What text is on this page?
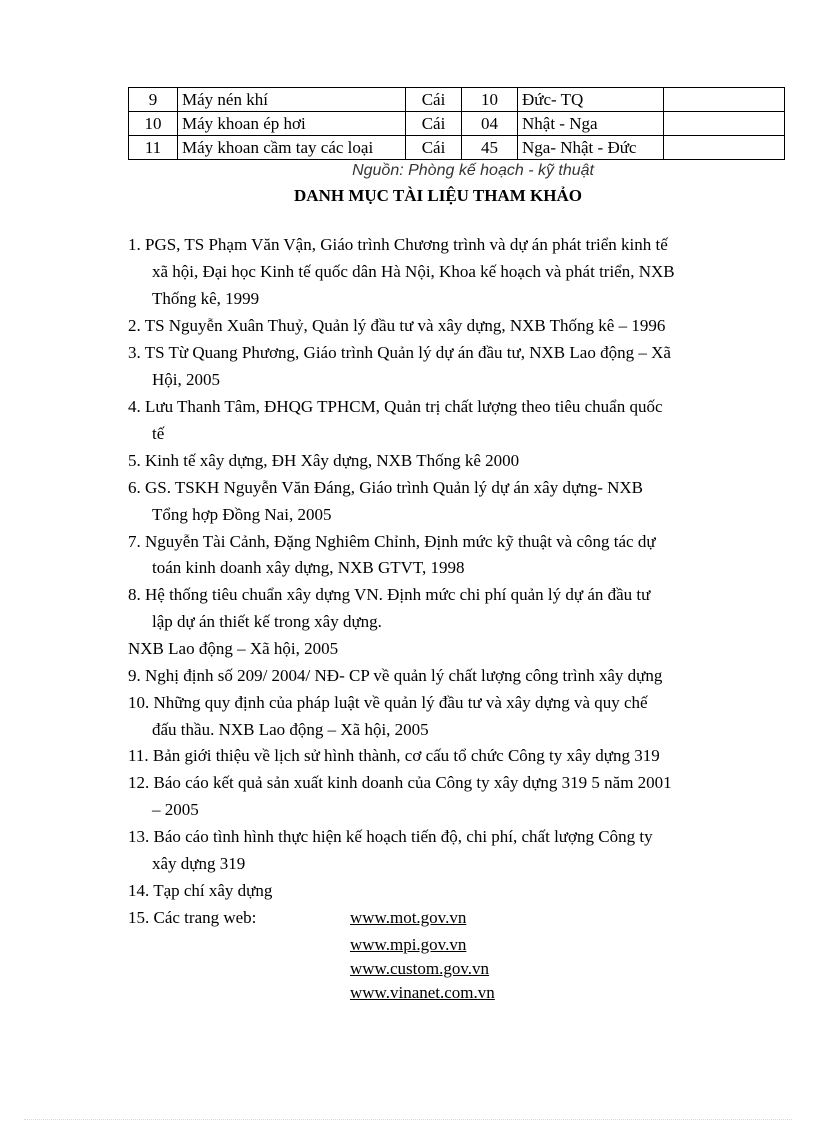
9	Máy nén khí	Cái	10	Đức- TQ	
10	Máy khoan ép hơi	Cái	04	Nhật - Nga	
11	Máy khoan cầm tay các loại	Cái	45	Nga- Nhật - Đức	
Nguồn: Phòng kế hoạch - kỹ thuật
DANH MỤC TÀI LIỆU THAM KHẢO
1. PGS, TS Phạm Văn Vận, Giáo trình Chương trình và dự án phát triển kinh tế
xã hội, Đại học Kinh tế quốc dân Hà Nội, Khoa kế hoạch và phát triển, NXB
Thống kê, 1999
2. TS Nguyễn Xuân Thuỷ, Quản lý đầu tư và xây dựng, NXB Thống kê – 1996
3. TS Từ Quang Phương, Giáo trình Quản lý dự án đầu tư, NXB Lao động – Xã
Hội, 2005
4. Lưu Thanh Tâm, ĐHQG TPHCM, Quản trị chất lượng theo tiêu chuẩn quốc
tế
5. Kinh tế xây dựng, ĐH Xây dựng, NXB Thống kê 2000
6. GS. TSKH Nguyễn Văn Đáng, Giáo trình Quản lý dự án xây dựng- NXB
Tổng hợp Đồng Nai, 2005
7. Nguyễn Tài Cảnh, Đặng Nghiêm Chỉnh, Định mức kỹ thuật và công tác dự
toán kinh doanh xây dựng, NXB GTVT, 1998
8. Hệ thống tiêu chuẩn xây dựng VN. Định mức chi phí quản lý dự án đầu tư
lập dự án thiết kế trong xây dựng.
NXB Lao động – Xã hội, 2005
9. Nghị định số 209/ 2004/ NĐ- CP về quản lý chất lượng công trình xây dựng
10. Những quy định của pháp luật về quản lý đầu tư và xây dựng và quy chế
đấu thầu. NXB Lao động – Xã hội, 2005
11. Bản giới thiệu về lịch sử hình thành, cơ cấu tổ chức Công ty xây dựng 319
12. Báo cáo kết quả sản xuất kinh doanh của Công ty xây dựng 319 5 năm 2001
– 2005
13. Báo cáo tình hình thực hiện kế hoạch tiến độ, chi phí, chất lượng Công ty
xây dựng 319
14. Tạp chí xây dựng
15. Các trang web:	www.mot.gov.vn
www.mpi.gov.vn
www.custom.gov.vn
www.vinanet.com.vn
